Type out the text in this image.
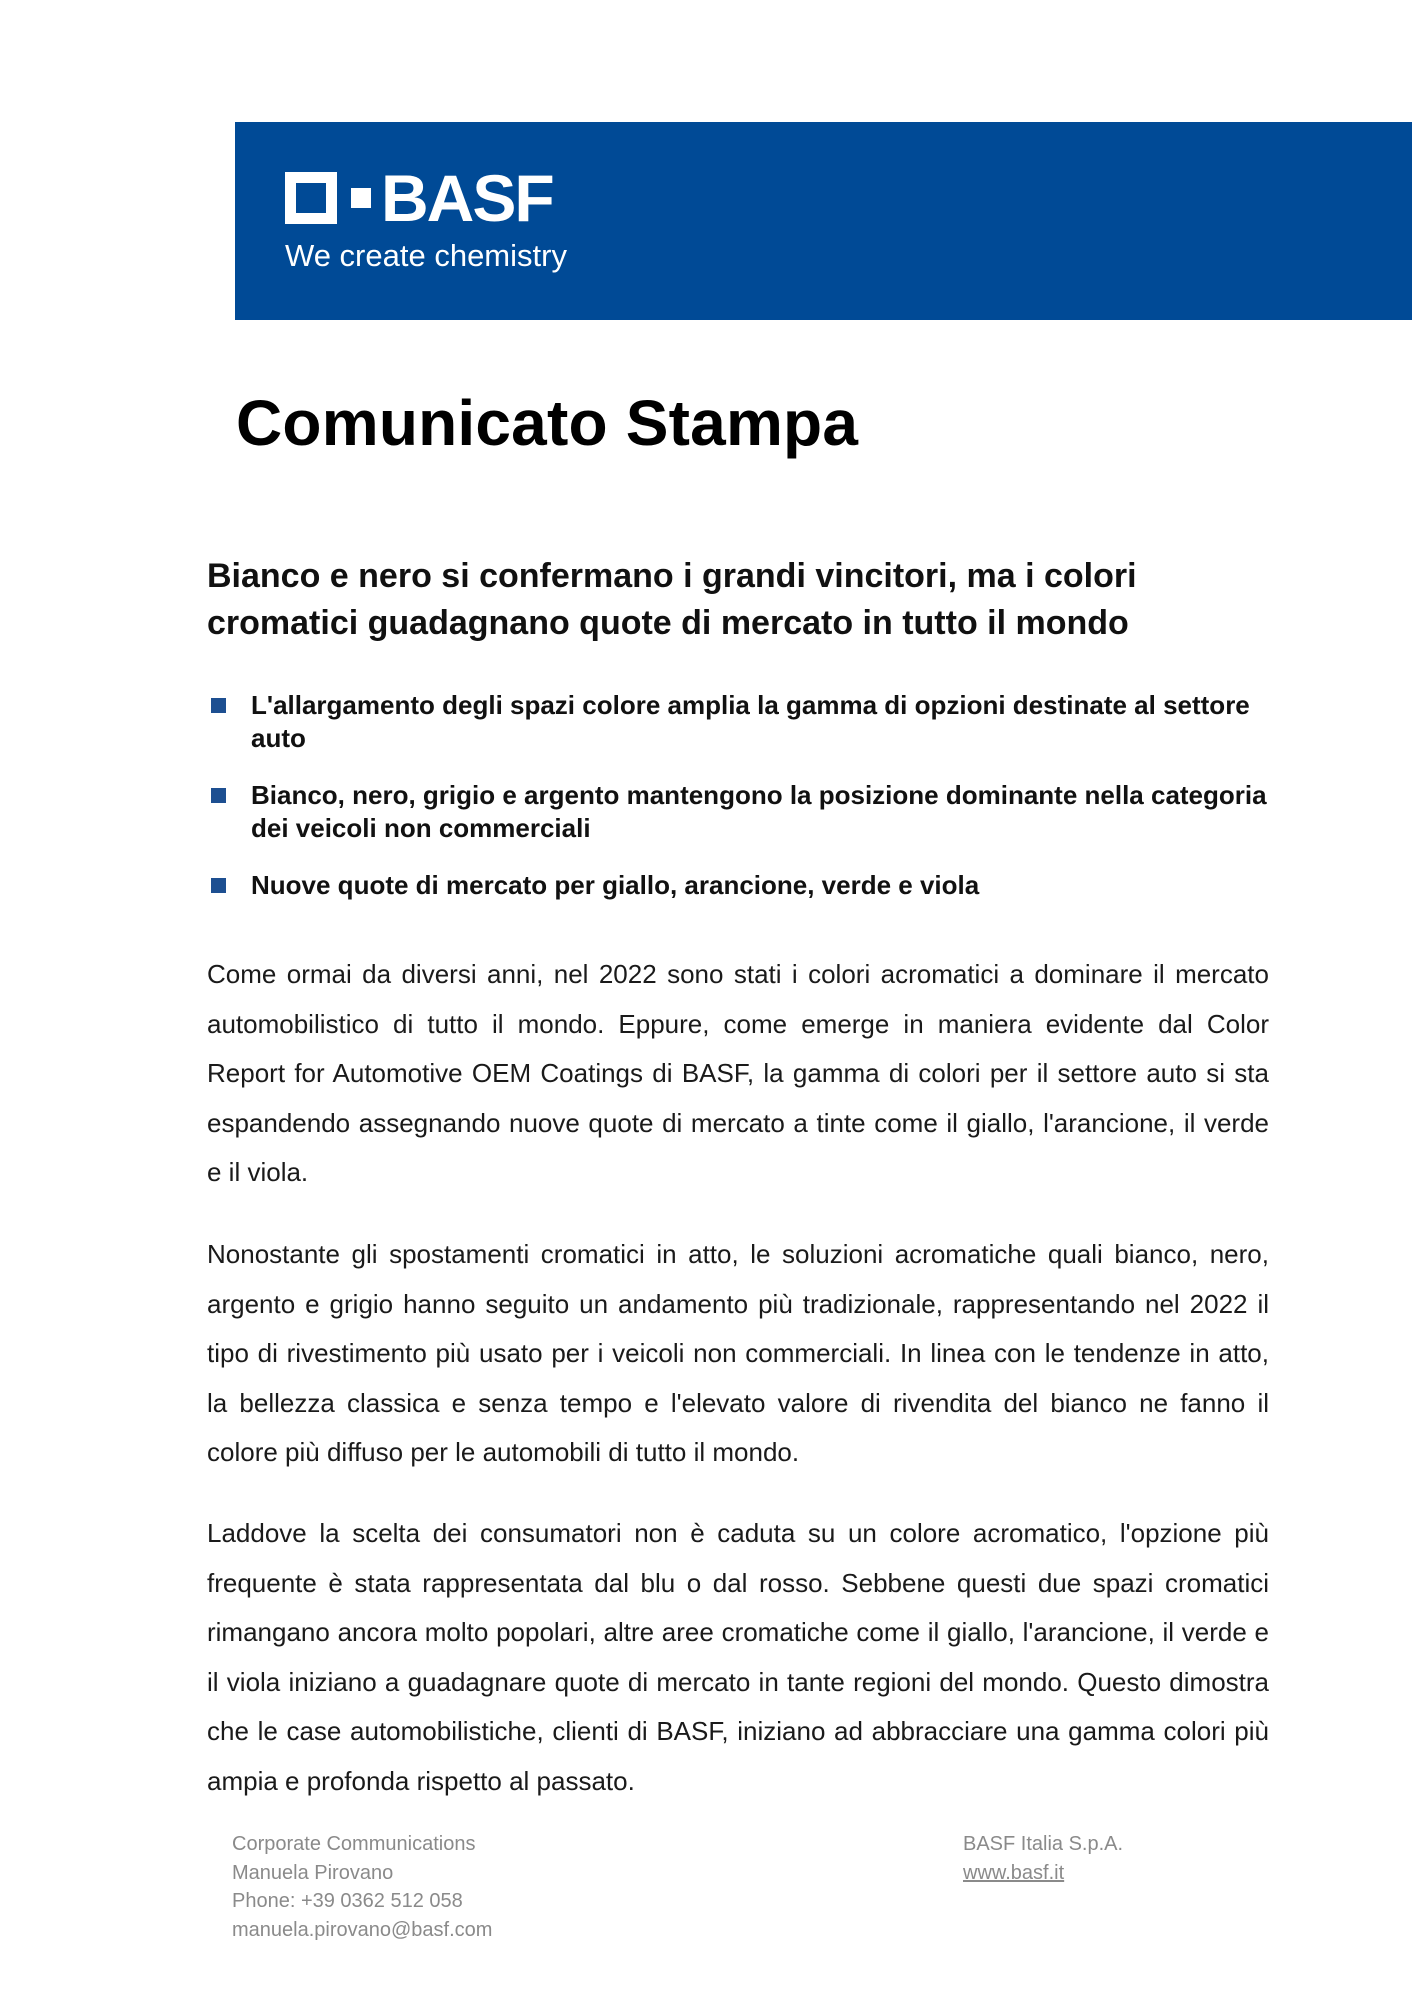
BASF
We create chemistry
Comunicato Stampa
Bianco e nero si confermano i grandi vincitori, ma i colori cromatici guadagnano quote di mercato in tutto il mondo
L'allargamento degli spazi colore amplia la gamma di opzioni destinate al settore auto
Bianco, nero, grigio e argento mantengono la posizione dominante nella categoria dei veicoli non commerciali
Nuove quote di mercato per giallo, arancione, verde e viola

Come ormai da diversi anni, nel 2022 sono stati i colori acromatici a dominare il mercato automobilistico di tutto il mondo. Eppure, come emerge in maniera evidente dal Color Report for Automotive OEM Coatings di BASF, la gamma di colori per il settore auto si sta espandendo assegnando nuove quote di mercato a tinte come il giallo, l'arancione, il verde e il viola.

Nonostante gli spostamenti cromatici in atto, le soluzioni acromatiche quali bianco, nero, argento e grigio hanno seguito un andamento più tradizionale, rappresentando nel 2022 il tipo di rivestimento più usato per i veicoli non commerciali. In linea con le tendenze in atto, la bellezza classica e senza tempo e l'elevato valore di rivendita del bianco ne fanno il colore più diffuso per le automobili di tutto il mondo.

Laddove la scelta dei consumatori non è caduta su un colore acromatico, l'opzione più frequente è stata rappresentata dal blu o dal rosso. Sebbene questi due spazi cromatici rimangano ancora molto popolari, altre aree cromatiche come il giallo, l'arancione, il verde e il viola iniziano a guadagnare quote di mercato in tante regioni del mondo. Questo dimostra che le case automobilistiche, clienti di BASF, iniziano ad abbracciare una gamma colori più ampia e profonda rispetto al passato.

Corporate Communications
Manuela Pirovano
Phone: +39 0362 512 058
manuela.pirovano@basf.com
BASF Italia S.p.A.
www.basf.it
